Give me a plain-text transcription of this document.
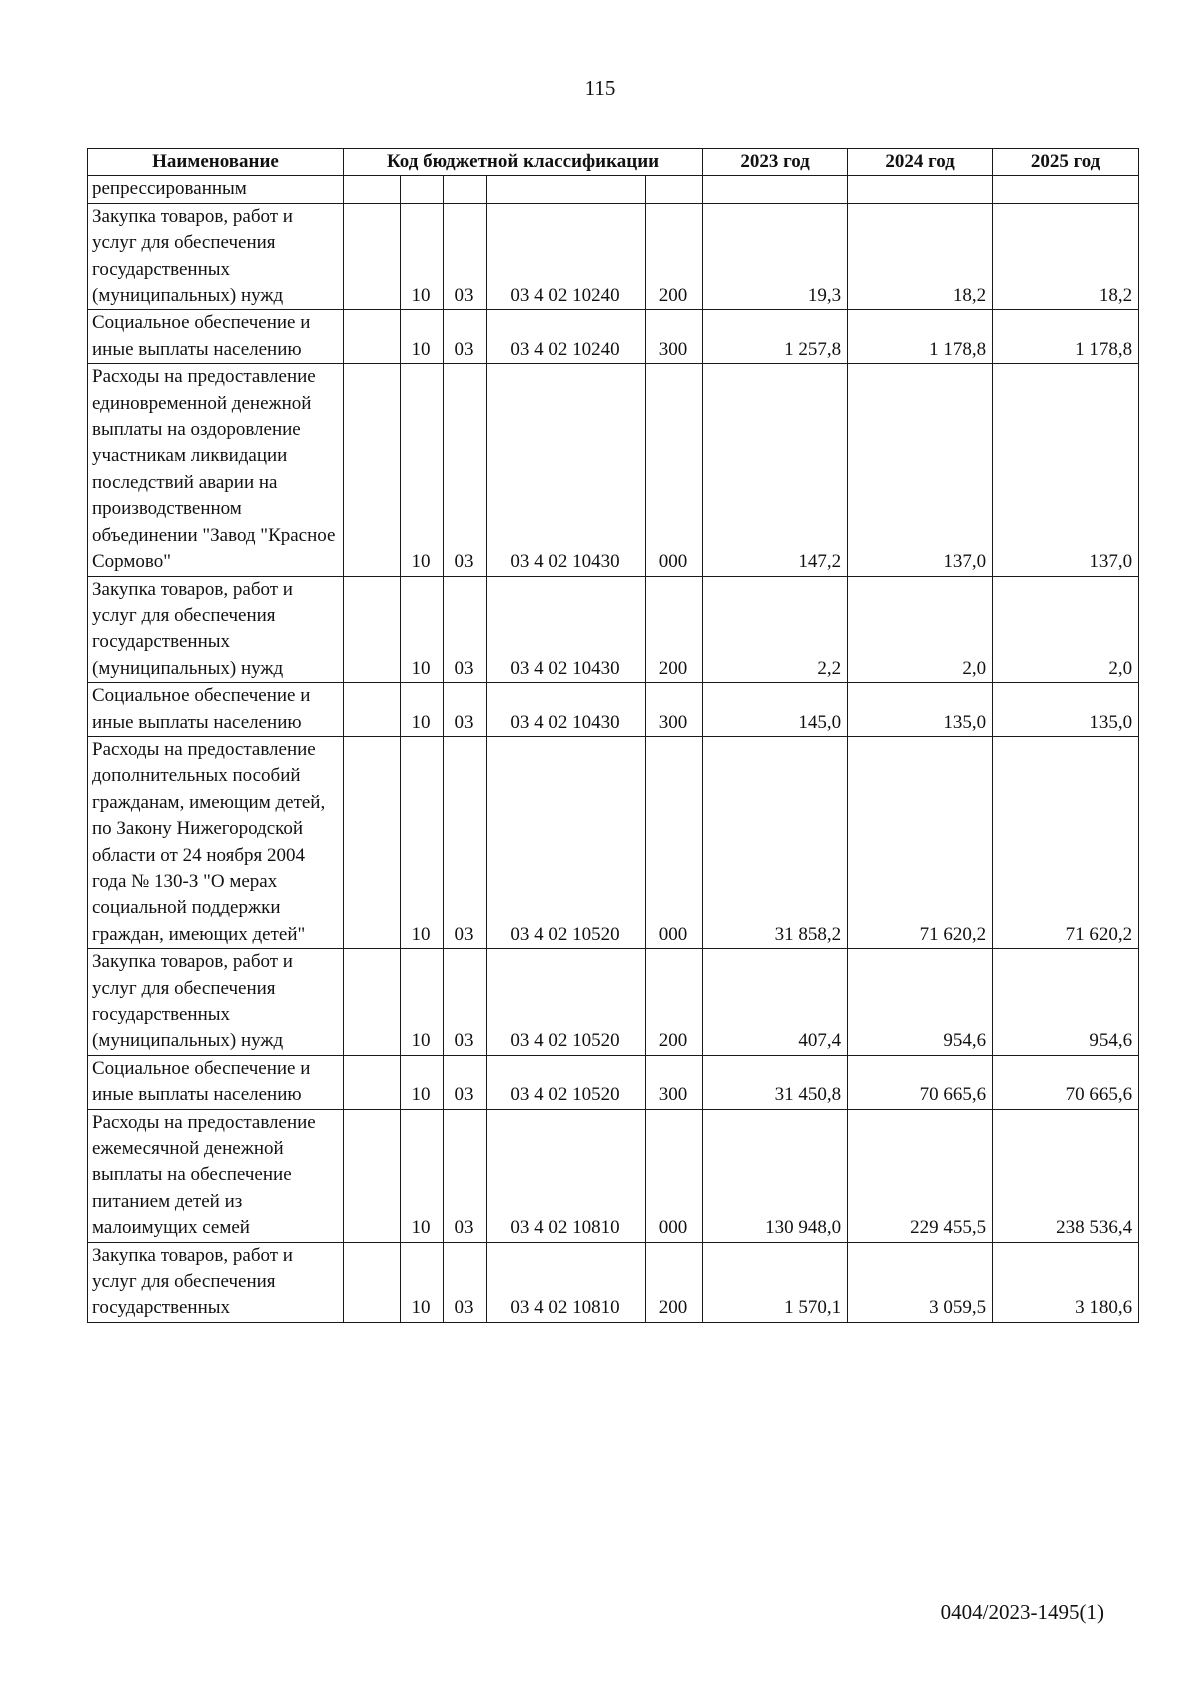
115
Наименование	Код бюджетной классификации					2023 год	2024 год	2025 год
репрессированным								
Закупка товаров, работ и услуг для обеспечения государственных (муниципальных) нужд		10	03	03 4 02 10240	200	19,3	18,2	18,2
Социальное обеспечение и иные выплаты населению		10	03	03 4 02 10240	300	1 257,8	1 178,8	1 178,8
Расходы на предоставление единовременной денежной выплаты на оздоровление участникам ликвидации последствий аварии на производственном объединении "Завод "Красное Сормово"		10	03	03 4 02 10430	000	147,2	137,0	137,0
Закупка товаров, работ и услуг для обеспечения государственных (муниципальных) нужд		10	03	03 4 02 10430	200	2,2	2,0	2,0
Социальное обеспечение и иные выплаты населению		10	03	03 4 02 10430	300	145,0	135,0	135,0
Расходы на предоставление дополнительных пособий гражданам, имеющим детей, по Закону Нижегородской области от 24 ноября 2004 года № 130-З "О мерах социальной поддержки граждан, имеющих детей"		10	03	03 4 02 10520	000	31 858,2	71 620,2	71 620,2
Закупка товаров, работ и услуг для обеспечения государственных (муниципальных) нужд		10	03	03 4 02 10520	200	407,4	954,6	954,6
Социальное обеспечение и иные выплаты населению		10	03	03 4 02 10520	300	31 450,8	70 665,6	70 665,6
Расходы на предоставление ежемесячной денежной выплаты на обеспечение питанием детей из малоимущих семей		10	03	03 4 02 10810	000	130 948,0	229 455,5	238 536,4
Закупка товаров, работ и услуг для обеспечения государственных		10	03	03 4 02 10810	200	1 570,1	3 059,5	3 180,6
0404/2023-1495(1)
